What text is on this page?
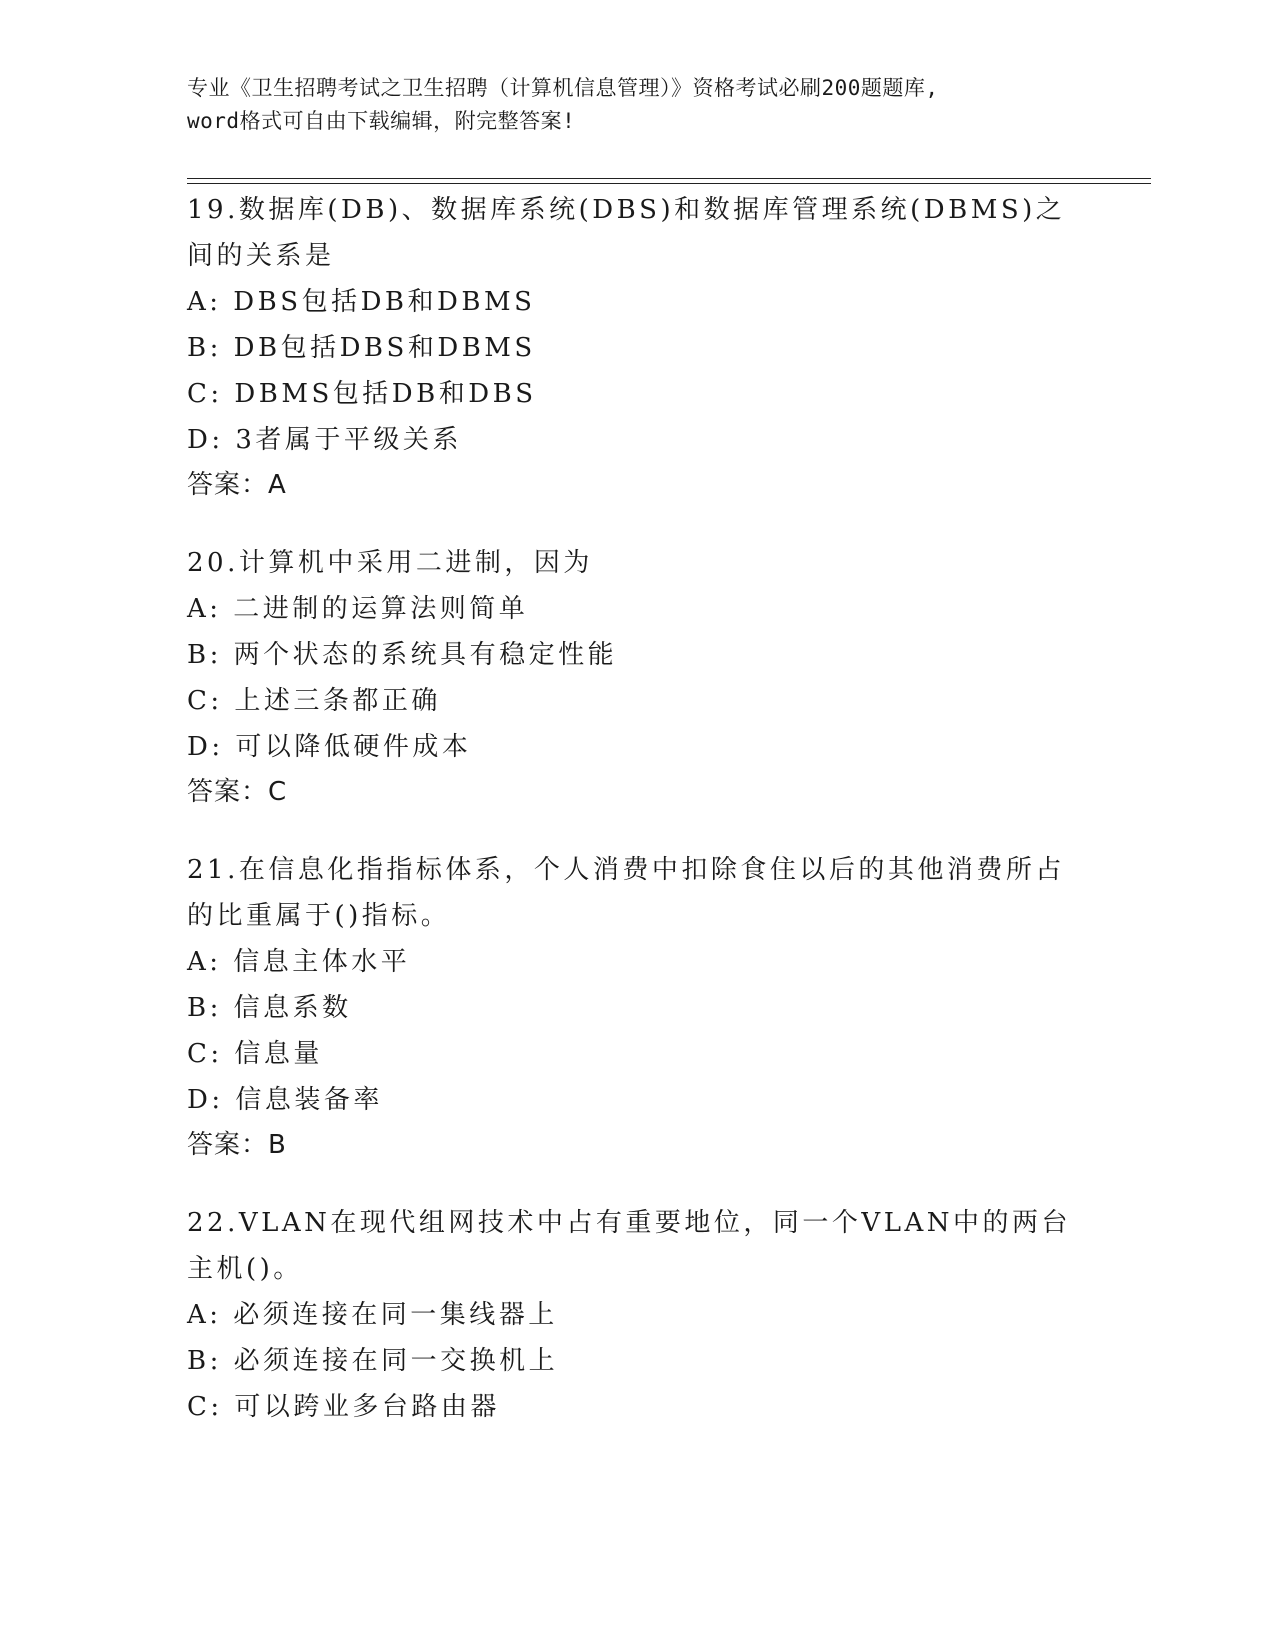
专业《卫生招聘考试之卫生招聘（计算机信息管理）》资格考试必刷200题题库,
word格式可自由下载编辑，附完整答案!

19.数据库(DB)、数据库系统(DBS)和数据库管理系统(DBMS)之间的关系是

A: DBS包括DB和DBMS

B: DB包括DBS和DBMS

C: DBMS包括DB和DBS

D: 3者属于平级关系

答案：A

20.计算机中采用二进制，因为

A: 二进制的运算法则简单

B: 两个状态的系统具有稳定性能

C: 上述三条都正确

D: 可以降低硬件成本

答案：C

21.在信息化指指标体系，个人消费中扣除食住以后的其他消费所占的比重属于()指标。

A: 信息主体水平

B: 信息系数

C: 信息量

D: 信息装备率

答案：B

22.VLAN在现代组网技术中占有重要地位，同一个VLAN中的两台主机()。

A: 必须连接在同一集线器上

B: 必须连接在同一交换机上

C: 可以跨业多台路由器
